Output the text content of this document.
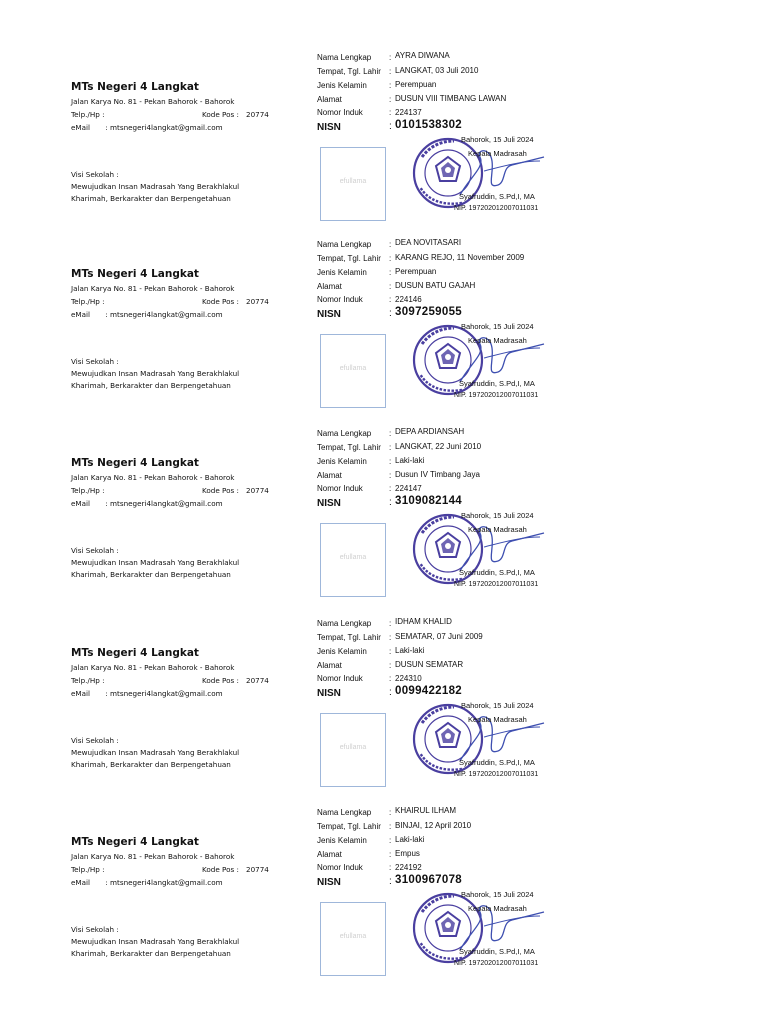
MTs Negeri 4 Langkat
Jalan Karya No. 81 - Pekan Bahorok - Bahorok
Telp./Hp :	Kode Pos : 20774
eMail : mtsnegeri4langkat@gmail.com
Visi Sekolah :
Mewujudkan Insan Madrasah Yang Berakhlakul
Kharimah, Berkarakter dan Berpengetahuan
Nama Lengkap : AYRA DIWANA
Tempat, Tgl. Lahir : LANGKAT, 03 Juli 2010
Jenis Kelamin	: Perempuan
Alamat	: DUSUN VIII TIMBANG LAWAN
Nomor Induk	: 224137
NISN	: 0101538302
efullama
Bahorok, 15 Juli 2024
Kepala Madrasah
Syafruddin, S.Pd,I, MA
NIP. 197202012007011031
MTs Negeri 4 Langkat
Jalan Karya No. 81 - Pekan Bahorok - Bahorok
Telp./Hp :	Kode Pos : 20774
eMail : mtsnegeri4langkat@gmail.com
Visi Sekolah :
Mewujudkan Insan Madrasah Yang Berakhlakul
Kharimah, Berkarakter dan Berpengetahuan
Nama Lengkap : DEA NOVITASARI
Tempat, Tgl. Lahir : KARANG REJO, 11 November 2009
Jenis Kelamin	: Perempuan
Alamat	: DUSUN BATU GAJAH
Nomor Induk	: 224146
NISN	: 3097259055
efullama
Bahorok, 15 Juli 2024
Kepala Madrasah
Syafruddin, S.Pd,I, MA
NIP. 197202012007011031
MTs Negeri 4 Langkat
Jalan Karya No. 81 - Pekan Bahorok - Bahorok
Telp./Hp :	Kode Pos : 20774
eMail : mtsnegeri4langkat@gmail.com
Visi Sekolah :
Mewujudkan Insan Madrasah Yang Berakhlakul
Kharimah, Berkarakter dan Berpengetahuan
Nama Lengkap : DEPA ARDIANSAH
Tempat, Tgl. Lahir : LANGKAT, 22 Juni 2010
Jenis Kelamin	: Laki-laki
Alamat	: Dusun IV Timbang Jaya
Nomor Induk	: 224147
NISN	: 3109082144
efullama
Bahorok, 15 Juli 2024
Kepala Madrasah
Syafruddin, S.Pd,I, MA
NIP. 197202012007011031
MTs Negeri 4 Langkat
Jalan Karya No. 81 - Pekan Bahorok - Bahorok
Telp./Hp :	Kode Pos : 20774
eMail : mtsnegeri4langkat@gmail.com
Visi Sekolah :
Mewujudkan Insan Madrasah Yang Berakhlakul
Kharimah, Berkarakter dan Berpengetahuan
Nama Lengkap : IDHAM KHALID
Tempat, Tgl. Lahir : SEMATAR, 07 Juni 2009
Jenis Kelamin	: Laki-laki
Alamat	: DUSUN SEMATAR
Nomor Induk	: 224310
NISN	: 0099422182
efullama
Bahorok, 15 Juli 2024
Kepala Madrasah
Syafruddin, S.Pd,I, MA
NIP. 197202012007011031
MTs Negeri 4 Langkat
Jalan Karya No. 81 - Pekan Bahorok - Bahorok
Telp./Hp :	Kode Pos : 20774
eMail : mtsnegeri4langkat@gmail.com
Visi Sekolah :
Mewujudkan Insan Madrasah Yang Berakhlakul
Kharimah, Berkarakter dan Berpengetahuan
Nama Lengkap : KHAIRUL ILHAM
Tempat, Tgl. Lahir : BINJAI, 12 April 2010
Jenis Kelamin	: Laki-laki
Alamat	: Empus
Nomor Induk	: 224192
NISN	: 3100967078
efullama
Bahorok, 15 Juli 2024
Kepala Madrasah
Syafruddin, S.Pd,I, MA
NIP. 197202012007011031
